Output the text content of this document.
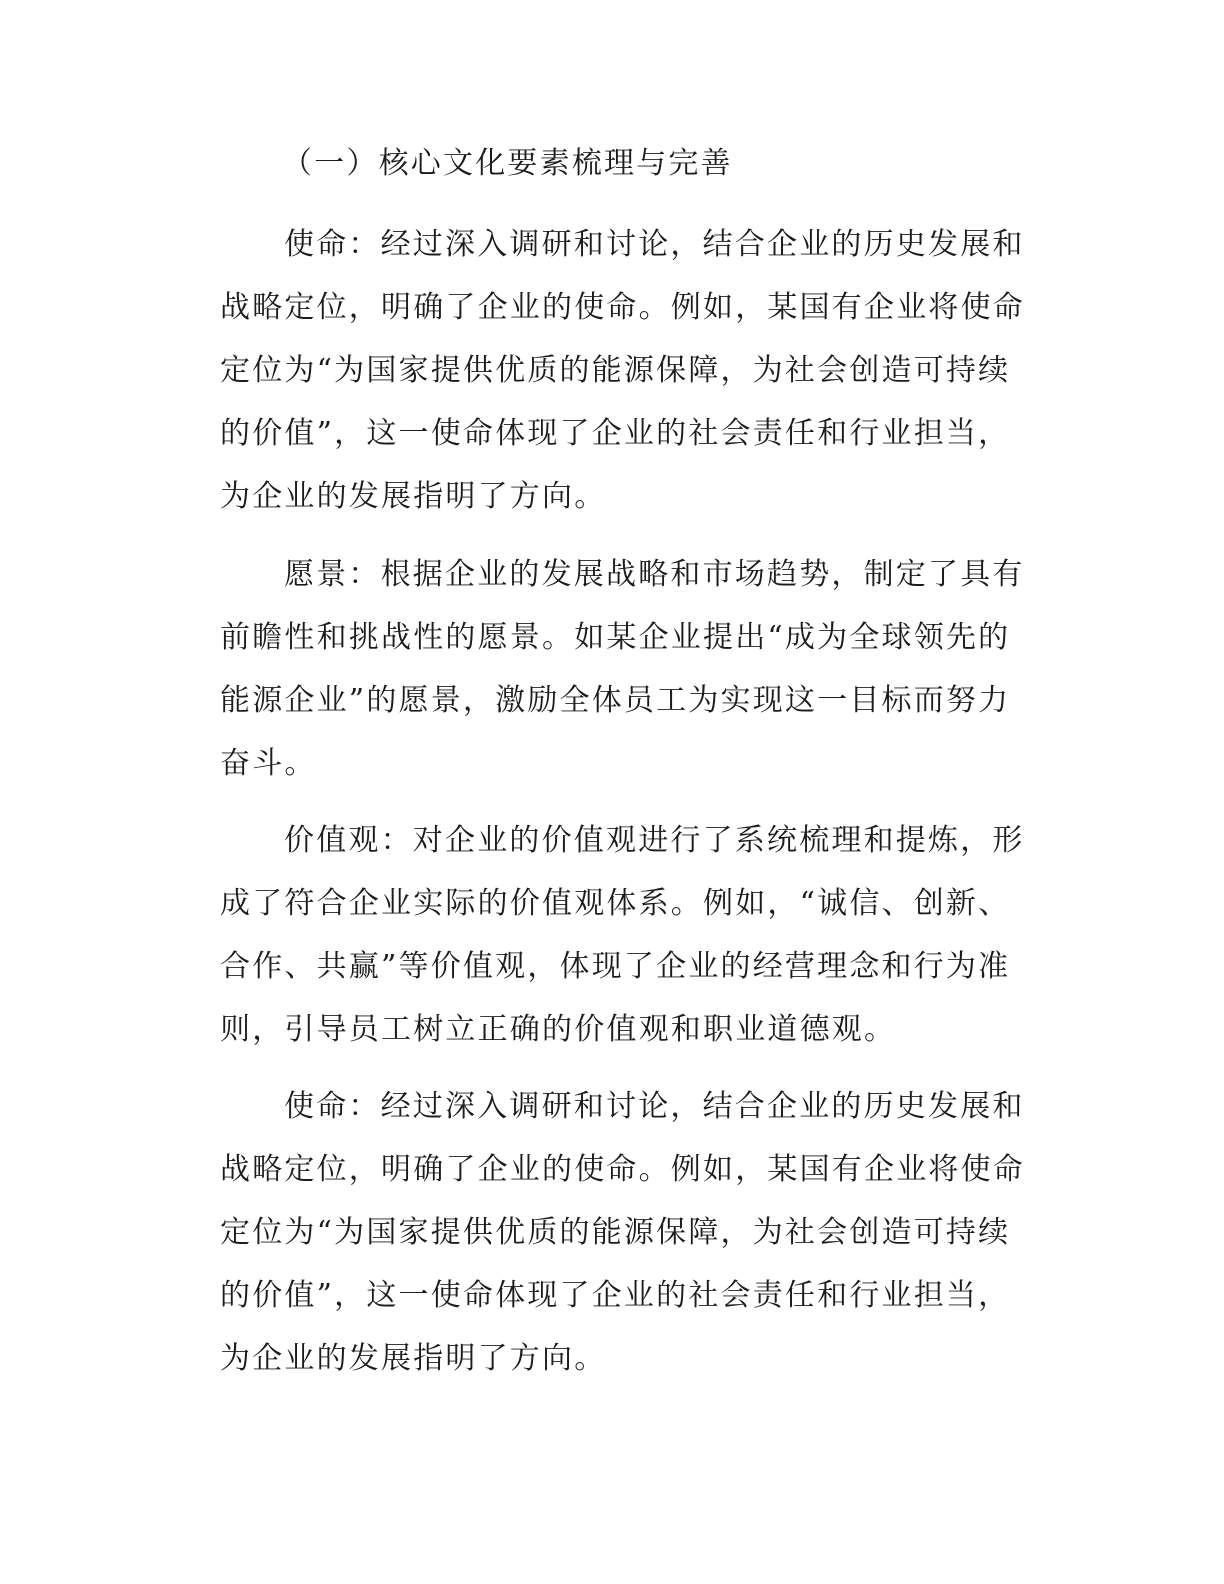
（一）核心文化要素梳理与完善
使命：经过深入调研和讨论，结合企业的历史发展和
战略定位，明确了企业的使命。例如，某国有企业将使命
定位为“为国家提供优质的能源保障，为社会创造可持续
的价值”，这一使命体现了企业的社会责任和行业担当，
为企业的发展指明了方向。
愿景：根据企业的发展战略和市场趋势，制定了具有
前瞻性和挑战性的愿景。如某企业提出“成为全球领先的
能源企业”的愿景，激励全体员工为实现这一目标而努力
奋斗。
价值观：对企业的价值观进行了系统梳理和提炼，形
成了符合企业实际的价值观体系。例如，“诚信、创新、
合作、共赢”等价值观，体现了企业的经营理念和行为准
则，引导员工树立正确的价值观和职业道德观。
使命：经过深入调研和讨论，结合企业的历史发展和
战略定位，明确了企业的使命。例如，某国有企业将使命
定位为“为国家提供优质的能源保障，为社会创造可持续
的价值”，这一使命体现了企业的社会责任和行业担当，
为企业的发展指明了方向。
